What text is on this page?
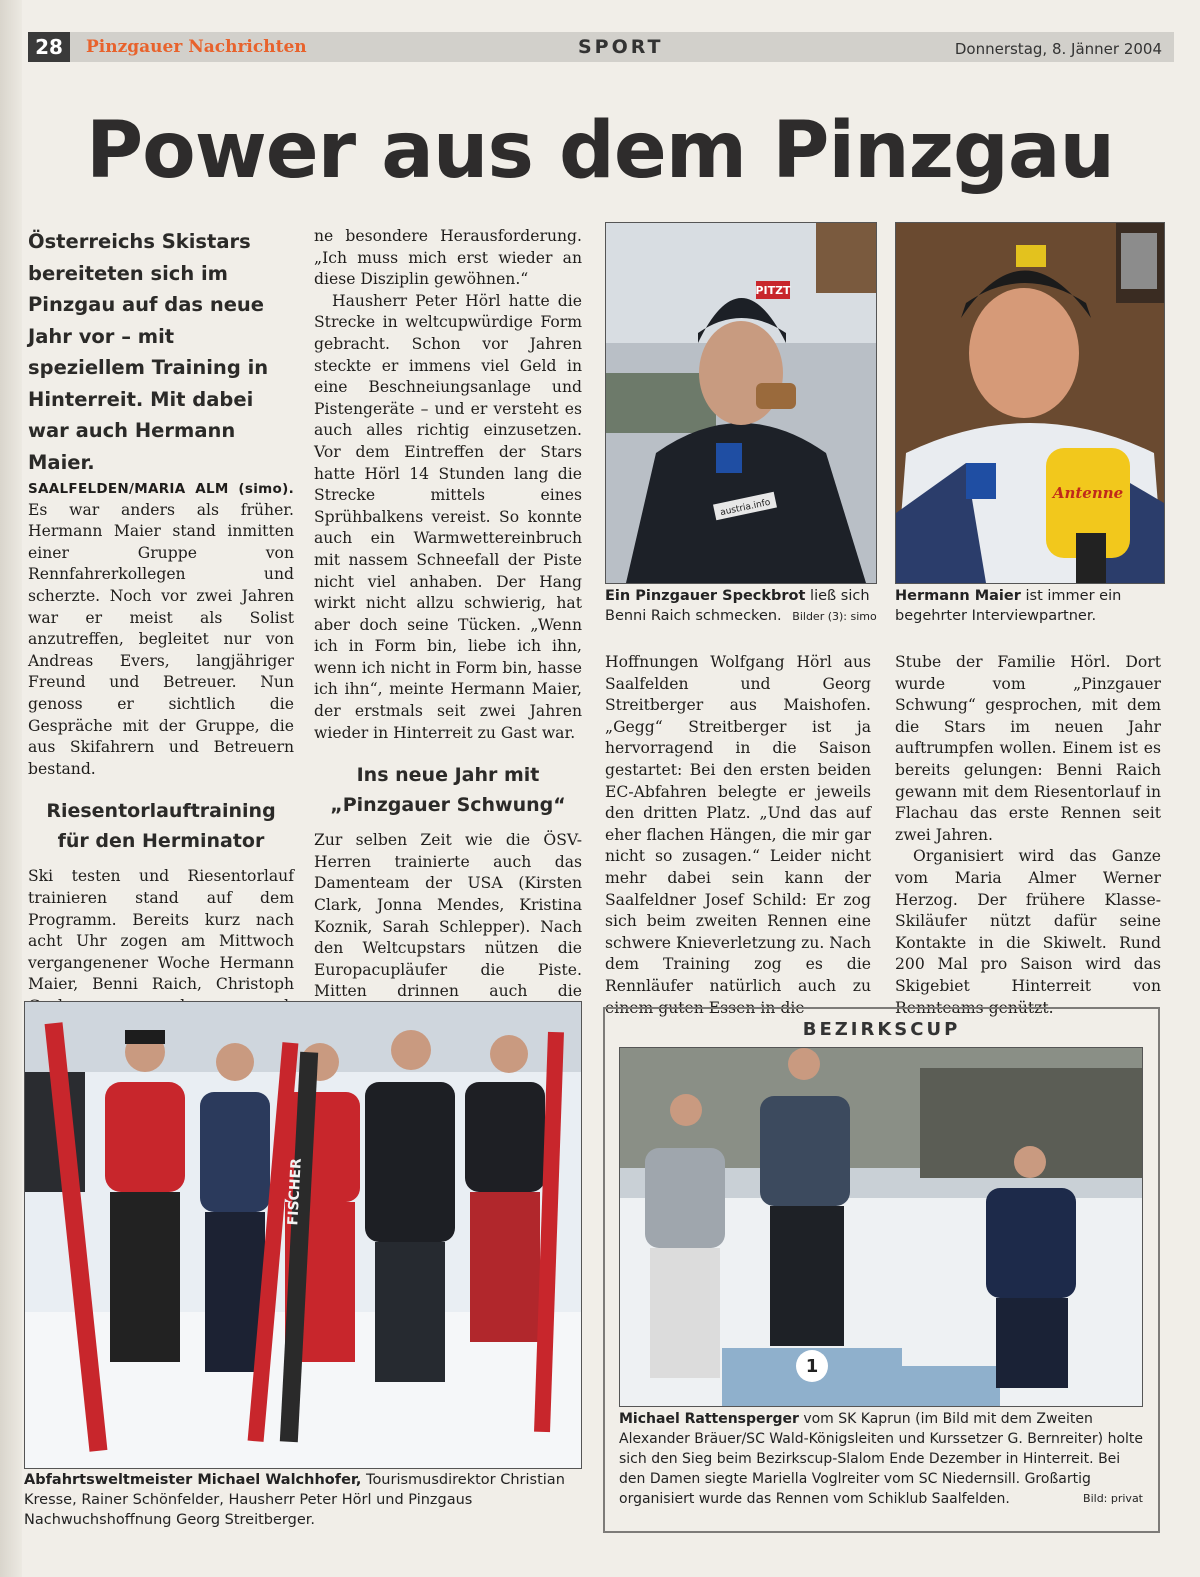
28	Pinzgauer Nachrichten	SPORT	Donnerstag, 8. Jänner 2004
Power aus dem Pinzgau

Österreichs Skistars bereiteten sich im Pinzgau auf das neue Jahr vor – mit speziellem Training in Hinterreit. Mit dabei war auch Hermann Maier.

SAALFELDEN/MARIA ALM (simo). Es war anders als früher. Hermann Maier stand inmitten einer Gruppe von Rennfahrerkollegen und scherzte. Noch vor zwei Jahren war er meist als Solist anzutreffen, begleitet nur von Andreas Evers, langjähriger Freund und Betreuer. Nun genoss er sichtlich die Gespräche mit der Gruppe, die aus Skifahrern und Betreuern bestand.

Riesentorlauftraining für den Herminator

Ski testen und Riesentorlauf trainieren stand auf dem Programm. Bereits kurz nach acht Uhr zogen am Mittwoch vergangenener Woche Hermann Maier, Benni Raich, Christoph

ne besondere Herausforderung. „Ich muss mich erst wieder an diese Disziplin gewöhnen.“

Hausherr Peter Hörl hatte die Strecke in weltcupwürdige Form gebracht. Schon vor Jahren steckte er immens viel Geld in eine Beschneiungsanlage und Pistengeräte – und er versteht es auch alles richtig einzusetzen. Vor dem Eintreffen der Stars hatte Hörl 14 Stunden lang die Strecke mittels eines Sprühbalkens vereist. So konnte auch ein Warmwettereinbruch mit nassem Schneefall der Piste nicht viel anhaben. Der Hang wirkt nicht allzu schwierig, hat aber doch seine Tücken. „Wenn ich in Form bin, liebe ich ihn, wenn ich nicht in Form bin, hasse ich ihn“, meinte Hermann Maier, der erstmals seit zwei Jahren wieder in Hinterreit zu Gast war.

Ins neue Jahr mit „Pinzgauer Schwung“

Zur selben Zeit wie die ÖSV-Herren trainierte auch das Damenteam der USA (Kirsten Clark, Jonna Mendes, Kristina Koznik, Sarah Schlepper). Nach den Weltcupstars nützen die Europacupläufer die Piste. Mitten drinnen auch die

PITZT
austria.info
Ein Pinzgauer Speckbrot ließ sich Benni Raich schmecken. Bilder (3): simo
Antenne
Hermann Maier ist immer ein begehrter Interviewpartner.

Hoffnungen Wolfgang Hörl aus Saalfelden und Georg Streitberger aus Maishofen. „Gegg“ Streitberger ist ja hervorragend in die Saison gestartet: Bei den ersten beiden EC-Abfahren belegte er jeweils den dritten Platz. „Und das auf eher flachen Hängen, die mir gar nicht so zusagen.“ Leider nicht mehr dabei sein kann der Saalfeldner Josef Schild: Er zog sich beim zweiten Rennen eine schwere Knieverletzung zu. Nach dem Training zog es die Rennläufer natürlich auch zu einem guten Essen in die

Stube der Familie Hörl. Dort wurde vom „Pinzgauer Schwung“ gesprochen, mit dem die Stars im neuen Jahr auftrumpfen wollen. Einem ist es bereits gelungen: Benni Raich gewann mit dem Riesentorlauf in Flachau das erste Rennen seit zwei Jahren.

Organisiert wird das Ganze vom Maria Almer Werner Herzog. Der frühere Klasse-Skiläufer nützt dafür seine Kontakte in die Skiwelt. Rund 200 Mal pro Saison wird das Skigebiet Hinterreit von Rennteams genützt.

FISCHER
Abfahrtsweltmeister Michael Walchhofer, Tourismusdirektor Christian Kresse, Rainer Schönfelder, Hausherr Peter Hörl und Pinzgaus Nachwuchshoffnung Georg Streitberger.
BEZIRKSCUP
1
Michael Rattensperger vom SK Kaprun (im Bild mit dem Zweiten Alexander Bräuer/SC Wald-Königsleiten und Kurssetzer G. Bernreiter) holte sich den Sieg beim Bezirkscup-Slalom Ende Dezember in Hinterreit. Bei den Damen siegte Mariella Voglreiter vom SC Niedernsill. Großartig organisiert wurde das Rennen vom Schiklub Saalfelden.	Bild: privat
